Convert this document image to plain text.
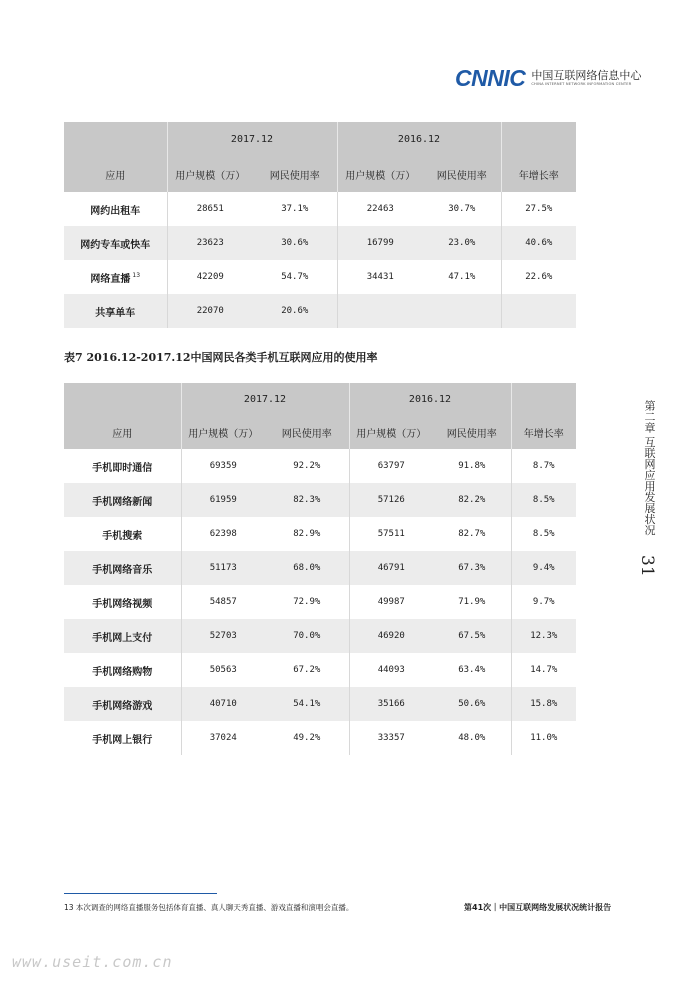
CNNIC 中国互联网络信息中心
CHINA INTERNET NETWORK INFORMATION CENTER
	2017.12		2016.12		
应用	用户规模（万）	网民使用率	用户规模（万）	网民使用率	年增长率
网约出租车	28651	37.1%	22463	30.7%	27.5%
网约专车或快车	23623	30.6%	16799	23.0%	40.6%
网络直播 $^{13}$	42209	54.7%	34431	47.1%	22.6%
共享单车	22070	20.6%			
表7 2016.12-2017.12中国网民各类手机互联网应用的使用率
	2017.12		2016.12		
应用	用户规模（万）	网民使用率	用户规模（万）	网民使用率	年增长率
手机即时通信	69359	92.2%	63797	91.8%	8.7%
手机网络新闻	61959	82.3%	57126	82.2%	8.5%
手机搜索	62398	82.9%	57511	82.7%	8.5%
手机网络音乐	51173	68.0%	46791	67.3%	9.4%
手机网络视频	54857	72.9%	49987	71.9%	9.7%
手机网上支付	52703	70.0%	46920	67.5%	12.3%
手机网络购物	50563	67.2%	44093	63.4%	14.7%
手机网络游戏	40710	54.1%	35166	50.6%	15.8%
手机网上银行	37024	49.2%	33357	48.0%	11.0%
第二章 互联网应用发展状况
31
13 本次调查的网络直播服务包括体育直播、真人聊天秀直播、游戏直播和演唱会直播。	第41次｜中国互联网络发展状况统计报告
www.useit.com.cn
